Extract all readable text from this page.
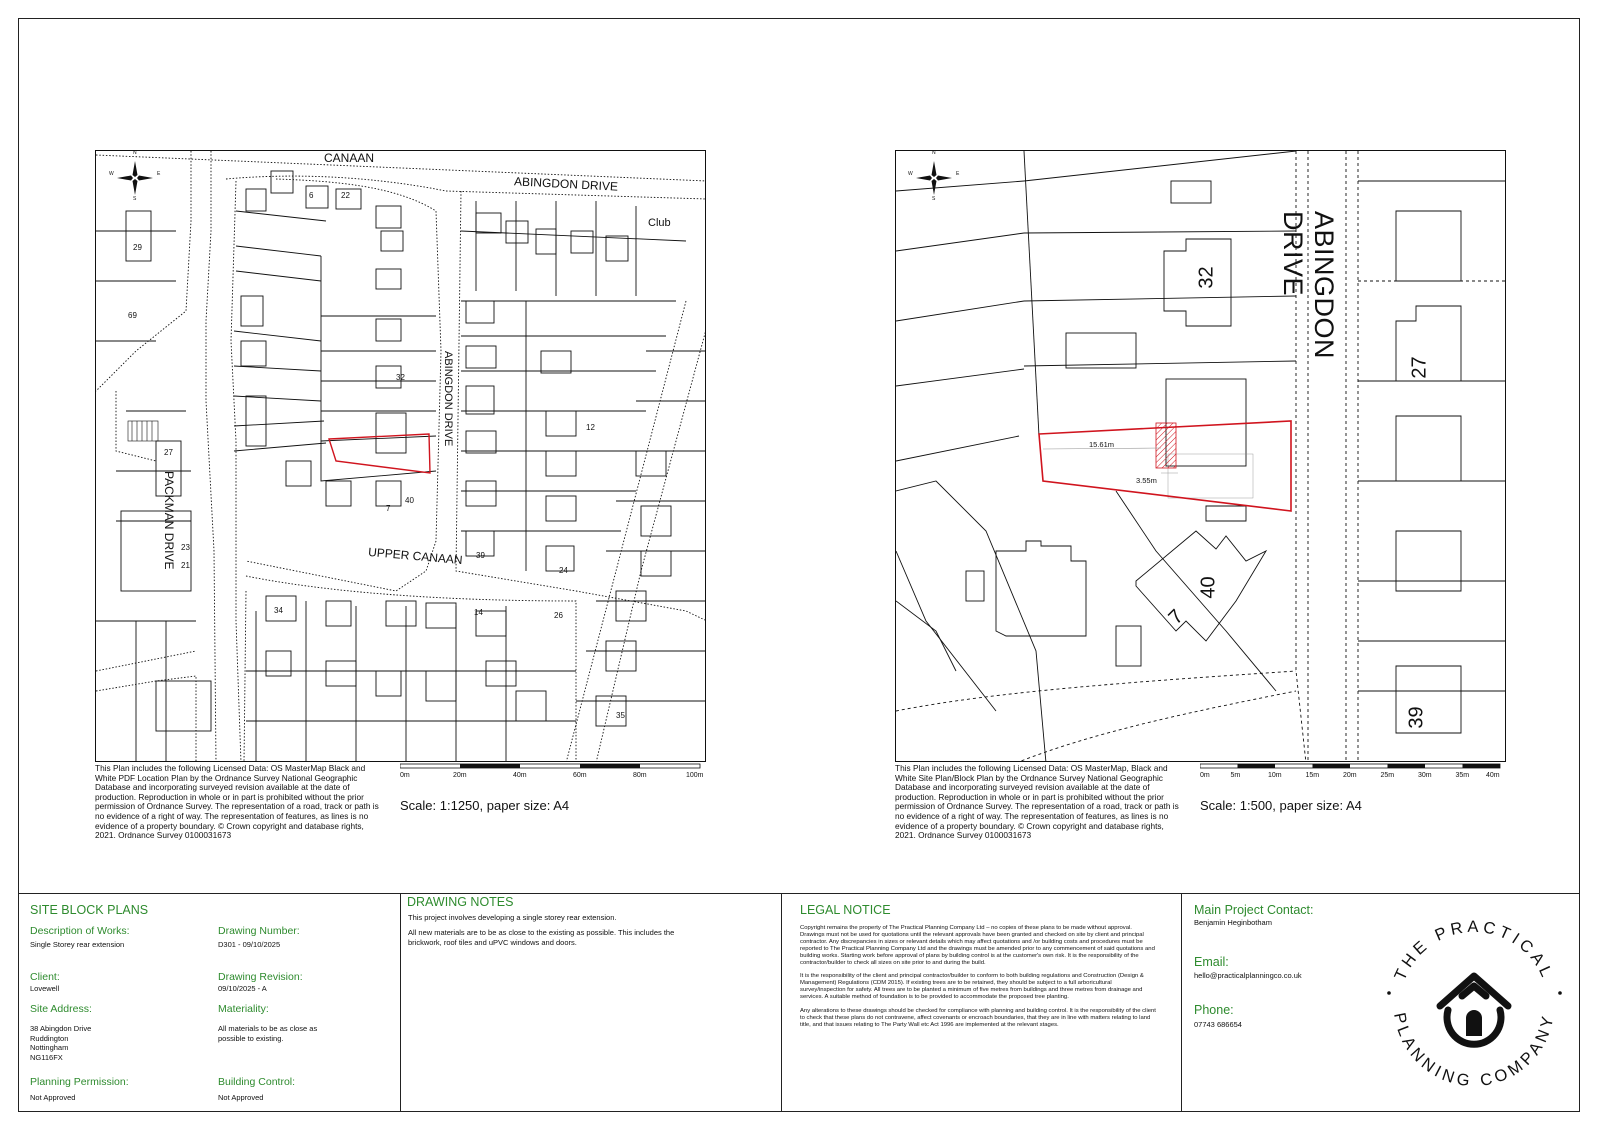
CANAAN
ABINGDON DRIVE
PACKMAN DRIVE
ABINGDON DRIVE
UPPER CANAAN
Club
6	22
29
69
32
12
27
40
7
23
21
39
24
34	14	26
35
This Plan includes the following Licensed Data: OS MasterMap Black and White PDF Location Plan by the Ordnance Survey National Geographic Database and incorporating surveyed revision available at the date of production. Reproduction in whole or in part is prohibited without the prior permission of Ordnance Survey. The representation of a road, track or path is no evidence of a right of way. The representation of features, as lines is no evidence of a property boundary. © Crown copyright and database rights, 2021. Ordnance Survey 0100031673
0m	20m	40m	60m	80m	100m
Scale: 1:1250, paper size: A4
ABINGDON DRIVE
32
27
40
7
39
15.61m
3.55m
This Plan includes the following Licensed Data: OS MasterMap, Black and White Site Plan/Block Plan by the Ordnance Survey National Geographic Database and incorporating surveyed revision available at the date of production. Reproduction in whole or in part is prohibited without the prior permission of Ordnance Survey. The representation of a road, track or path is no evidence of a right of way. The representation of features, as lines is no evidence of a property boundary. © Crown copyright and database rights, 2021. Ordnance Survey 0100031673
0m	5m	10m	15m	20m	25m	30m	35m 40m
Scale: 1:500, paper size: A4
SITE BLOCK PLANS
Description of Works:
Single Storey rear extension
Drawing Number:
D301 - 09/10/2025
Client:
Lovewell
Drawing Revision:
09/10/2025 - A
Site Address:
38 Abingdon Drive
Ruddington
Nottingham
NG116FX
Materiality:
All materials to be as close as
possible to existing.
Planning Permission:
Not Approved
Building Control:
Not Approved
DRAWING NOTES
This project involves developing a single storey rear extension.
All new materials are to be as close to the existing as possible. This includes the brickwork, roof tiles and uPVC windows and doors.
LEGAL NOTICE

Copyright remains the property of The Practical Planning Company Ltd – no copies of these plans to be made without approval. Drawings must not be used for quotations until the relevant approvals have been granted and checked on site by client and principal contractor. Any discrepancies in sizes or relevant details which may affect quotations and /or building costs and procedures must be reported to The Practical Planning Company Ltd and the drawings must be amended prior to any commencement of said quotations and building works. Starting work before approval of plans by building control is at the customer's own risk. It is the responsibility of the contractor/builder to check all sizes on site prior to and during the build.

It is the responsibility of the client and principal contractor/builder to conform to both building regulations and Construction (Design & Management) Regulations (CDM 2015). If existing trees are to be retained, they should be subject to a full arboricultural survey/inspection for safety. All trees are to be planted a minimum of five metres from buildings and three metres from drainage and services. A suitable method of foundation is to be provided to accommodate the proposed tree planting.

Any alterations to these drawings should be checked for compliance with planning and building control. It is the responsibility of the client to check that these plans do not contravene, affect covenants or encroach boundaries, that they are in line with matters relating to land title, and that issues relating to The Party Wall etc Act 1996 are implemented at the relevant stages.

Main Project Contact:
Benjamin Heginbotham
Email:
hello@practicalplanningco.co.uk
Phone:
07743 686654
THE PRACTICAL
PLANNING COMPANY
N
S
W	E
N
S
W	E
